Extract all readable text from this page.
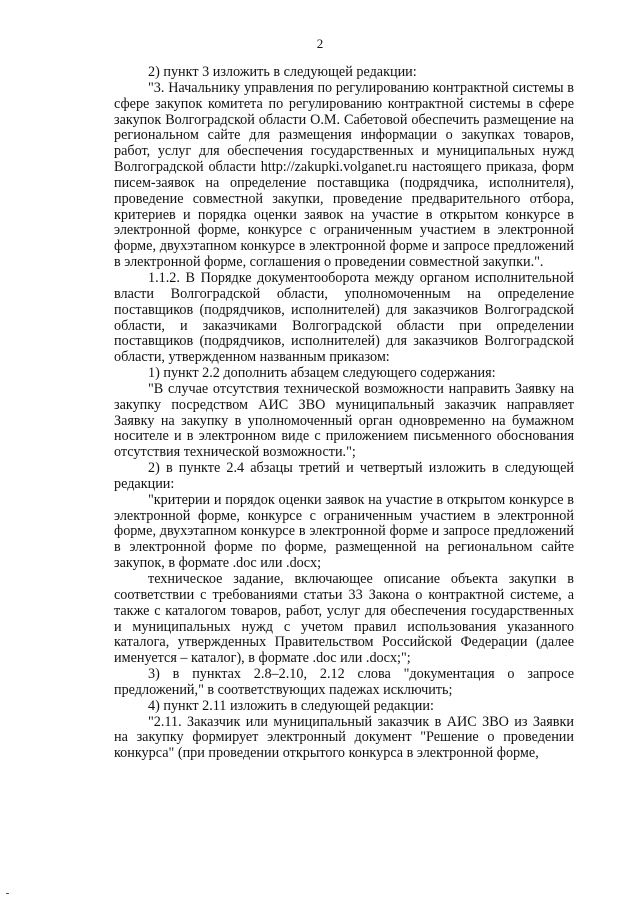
2

2) пункт 3 изложить в следующей редакции:

"3. Начальнику управления по регулированию контрактной системы в сфере закупок комитета по регулированию контрактной системы в сфере закупок Волгоградской области О.М. Сабетовой обеспечить размещение на региональном сайте для размещения информации о закупках товаров, работ, услуг для обеспечения государственных и муниципальных нужд Волгоградской области http://zakupki.volganet.ru настоящего приказа, форм писем-заявок на определение поставщика (подрядчика, исполнителя), проведение совместной закупки, проведение предварительного отбора, критериев и порядка оценки заявок на участие в открытом конкурсе в электронной форме, конкурсе с ограниченным участием в электронной форме, двухэтапном конкурсе в электронной форме и запросе предложений в электронной форме, соглашения о проведении совместной закупки.".

1.1.2. В Порядке документооборота между органом исполнительной власти Волгоградской области, уполномоченным на определение поставщиков (подрядчиков, исполнителей) для заказчиков Волгоградской области, и заказчиками Волгоградской области при определении поставщиков (подрядчиков, исполнителей) для заказчиков Волгоградской области, утвержденном названным приказом:

1) пункт 2.2 дополнить абзацем следующего содержания:

"В случае отсутствия технической возможности направить Заявку на закупку посредством АИС ЗВО муниципальный заказчик направляет Заявку на закупку в уполномоченный орган одновременно на бумажном носителе и в электронном виде с приложением письменного обоснования отсутствия технической возможности.";

2) в пункте 2.4 абзацы третий и четвертый изложить в следующей редакции:

"критерии и порядок оценки заявок на участие в открытом конкурсе в электронной форме, конкурсе с ограниченным участием в электронной форме, двухэтапном конкурсе в электронной форме и запросе предложений в электронной форме по форме, размещенной на региональном сайте закупок, в формате .doc или .docx;

техническое задание, включающее описание объекта закупки в соответствии с требованиями статьи 33 Закона о контрактной системе, а также с каталогом товаров, работ, услуг для обеспечения государственных и муниципальных нужд с учетом правил использования указанного каталога, утвержденных Правительством Российской Федерации (далее именуется – каталог), в формате .doc или .docx;";

3) в пунктах 2.8–2.10, 2.12 слова "документация о запросе предложений," в соответствующих падежах исключить;

4) пункт 2.11 изложить в следующей редакции:

"2.11. Заказчик или муниципальный заказчик в АИС ЗВО из Заявки на закупку формирует электронный документ "Решение о проведении конкурса" (при проведении открытого конкурса в электронной форме,
